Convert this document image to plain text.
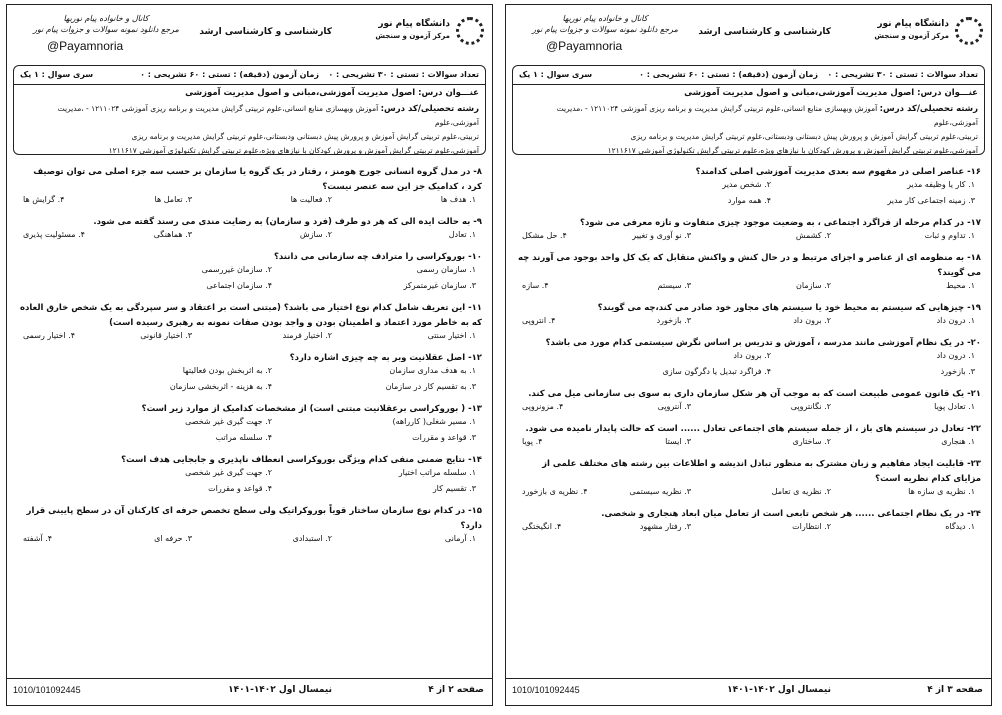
دانشگاه پیام نور
مرکز آزمون و سنجش
کارشناسی و کارشناسی ارشد
کانال و خانواده پیام نوریها
مرجع دانلود نمونه سوالات و جزوات پیام نور
@Payamnoria
تعداد سوالات : تستی : ۳۰ تشریحی : ۰
زمان آزمون (دقیقه) : تستی : ۶۰ تشریحی : ۰
سری سوال : ۱ یک
عنـــوان درس: اصول مدیریت آموزشی،مبانی و اصول مدیریت آموزشی
رشته تحصیلی/کد درس: آموزش وبهسازی منابع انسانی،علوم تربیتی گرایش مدیریت و برنامه ریزی آموزشی ۱۲۱۱۰۲۴ - ،مدیریت آموزشی،علوم
تربیتی،علوم تربیتی گرایش آموزش و پرورش پیش دبستانی ودبستانی،علوم تربیتی گرایش مدیریت و برنامه ریزی
آموزشی،علوم تربیتی گرایش آموزش و پرورش کودکان با نیازهای ویژه،علوم تربیتی گرایش تکنولوژی آموزشی ۱۲۱۱۶۱۷
۱۶- عناصر اصلی در مفهوم سه بعدی مدیریت آموزشی اصلی کدامند؟
۱. کار یا وظیفه مدیر
۲. شخص مدیر
۳. زمینه اجتماعی کار مدیر
۴. همه موارد
۱۷- در کدام مرحله از فراگرد اجتماعی ، به وضعیت موجود چیزی متفاوت و تازه معرفی می شود؟
۱. تداوم و ثبات
۲. کشمش
۳. نو آوری و تغییر
۴. حل مشکل
۱۸- به منظومه ای از عناصر و اجزای مرتبط و در حال کنش و واکنش متقابل که یک کل واحد بوجود می آورند چه می گویند؟
۱. محیط
۲. سازمان
۳. سیستم
۴. سازه
۱۹- چیزهایی که سیستم به محیط خود یا سیستم های مجاور خود صادر می کند،چه می گویند؟
۱. درون داد
۲. برون داد
۳. بازخورد
۴. انتروپی
۲۰- در یک نظام آموزشی مانند مدرسه ، آموزش و تدریس بر اساس نگرش سیستمی کدام مورد می باشد؟
۱. درون داد
۲. برون داد
۳. بازخورد
۴. فراگرد تبدیل یا دگرگون سازی
۲۱- یک قانون عمومی طبیعت است که به موجب آن هر شکل سازمان داری به سوی بی سازمانی میل می کند.
۱. تعادل پویا
۲. نگانتروپی
۳. آنتروپی
۴. مزونروپی
۲۲- تعادل در سیستم های باز ، از جمله سیستم های اجتماعی تعادل ...... است که حالت پایدار نامیده می شود.
۱. هنجاری
۲. ساختاری
۳. ایستا
۴. پویا
۲۳- قابلیت ایجاد مفاهیم و زبان مشترک به منظور تبادل اندیشه و اطلاعات بین رشته های مختلف علمی از مزایای کدام نظریه است؟
۱. نظریه ی سازه ها
۲. نظریه ی تعامل
۳. نظریه سیستمی
۴. نظریه ی بازخورد
۲۴- در یک نظام اجتماعی ...... هر شخص تابعی است از تعامل میان ابعاد هنجاری و شخصی.
۱. دیدگاه
۲. انتظارات
۳. رفتار مشهود
۴. انگیختگی
1010/101092445	نیمسال اول ۱۴۰۲-۱۴۰۱	صفحه ۳ از ۴
دانشگاه پیام نور
مرکز آزمون و سنجش
کارشناسی و کارشناسی ارشد
کانال و خانواده پیام نوریها
مرجع دانلود نمونه سوالات و جزوات پیام نور
@Payamnoria
تعداد سوالات : تستی : ۳۰ تشریحی : ۰
زمان آزمون (دقیقه) : تستی : ۶۰ تشریحی : ۰
سری سوال : ۱ یک
عنـــوان درس: اصول مدیریت آموزشی،مبانی و اصول مدیریت آموزشی
رشته تحصیلی/کد درس: آموزش وبهسازی منابع انسانی،علوم تربیتی گرایش مدیریت و برنامه ریزی آموزشی ۱۲۱۱۰۲۴ - ،مدیریت آموزشی،علوم
تربیتی،علوم تربیتی گرایش آموزش و پرورش پیش دبستانی ودبستانی،علوم تربیتی گرایش مدیریت و برنامه ریزی
آموزشی،علوم تربیتی گرایش آموزش و پرورش کودکان با نیازهای ویژه،علوم تربیتی گرایش تکنولوژی آموزشی ۱۲۱۱۶۱۷
۸- در مدل گروه انسانی جورج هومنز ، رفتار در یک گروه یا سازمان بر حسب سه جزء اصلی می توان توصیف کرد ، کدامیک جز این سه عنصر نیست؟
۱. هدف ها
۲. فعالیت ها
۳. تعامل ها
۴. گرایش ها
۹- به حالت ایده الی که هر دو طرف (فرد و سازمان) به رضایت مندی می رسند گفته می شود.
۱. تعادل
۲. سازش
۳. هماهنگی
۴. مسئولیت پذیری
۱۰- بوروکراسی را مترادف چه سازمانی می دانند؟
۱. سازمان رسمی
۲. سازمان غیررسمی
۳. سازمان غیرمتمرکز
۴. سازمان اجتماعی
۱۱- این تعریف شامل کدام نوع اختیار می باشد؟ (مبتنی است بر اعتقاد و سر سپردگی به یک شخص خارق العاده که به خاطر مورد اعتماد و اطمینان بودن و واجد بودن صفات نمونه به رهبری رسیده است)
۱. اختیار سنتی
۲. اختیار فرمند
۳. اختیار قانونی
۴. اختیار رسمی
۱۲- اصل عقلانیت وبر به چه چیزی اشاره دارد؟
۱. به هدف مداری سازمان
۲. به اثربخش بودن فعالیتها
۳. به تقسیم کار در سازمان
۴. به هزینه - اثربخشی سازمان
۱۳- ( بوروکراسی برعقلانیت مبتنی است) از مشخصات کدامیک از موارد زیر است؟
۱. مسیر شغلی( کارراهه)
۲. جهت گیری غیر شخصی
۳. قواعد و مقررات
۴. سلسله مراتب
۱۴- نتایج ضمنی منفی کدام ویژگی بوروکراسی انعطاف ناپذیری و جابجایی هدف است؟
۱. سلسله مراتب اختیار
۲. جهت گیری غیر شخصی
۳. تقسیم کار
۴. قواعد و مقررات
۱۵- در کدام نوع سازمان ساختار قویاً بوروکراتیک ولی سطح تخصص حرفه ای کارکنان آن در سطح پایینی قرار دارد؟
۱. آرمانی
۲. استبدادی
۳. حرفه ای
۴. آشفته
1010/101092445	نیمسال اول ۱۴۰۲-۱۴۰۱	صفحه ۲ از ۴
